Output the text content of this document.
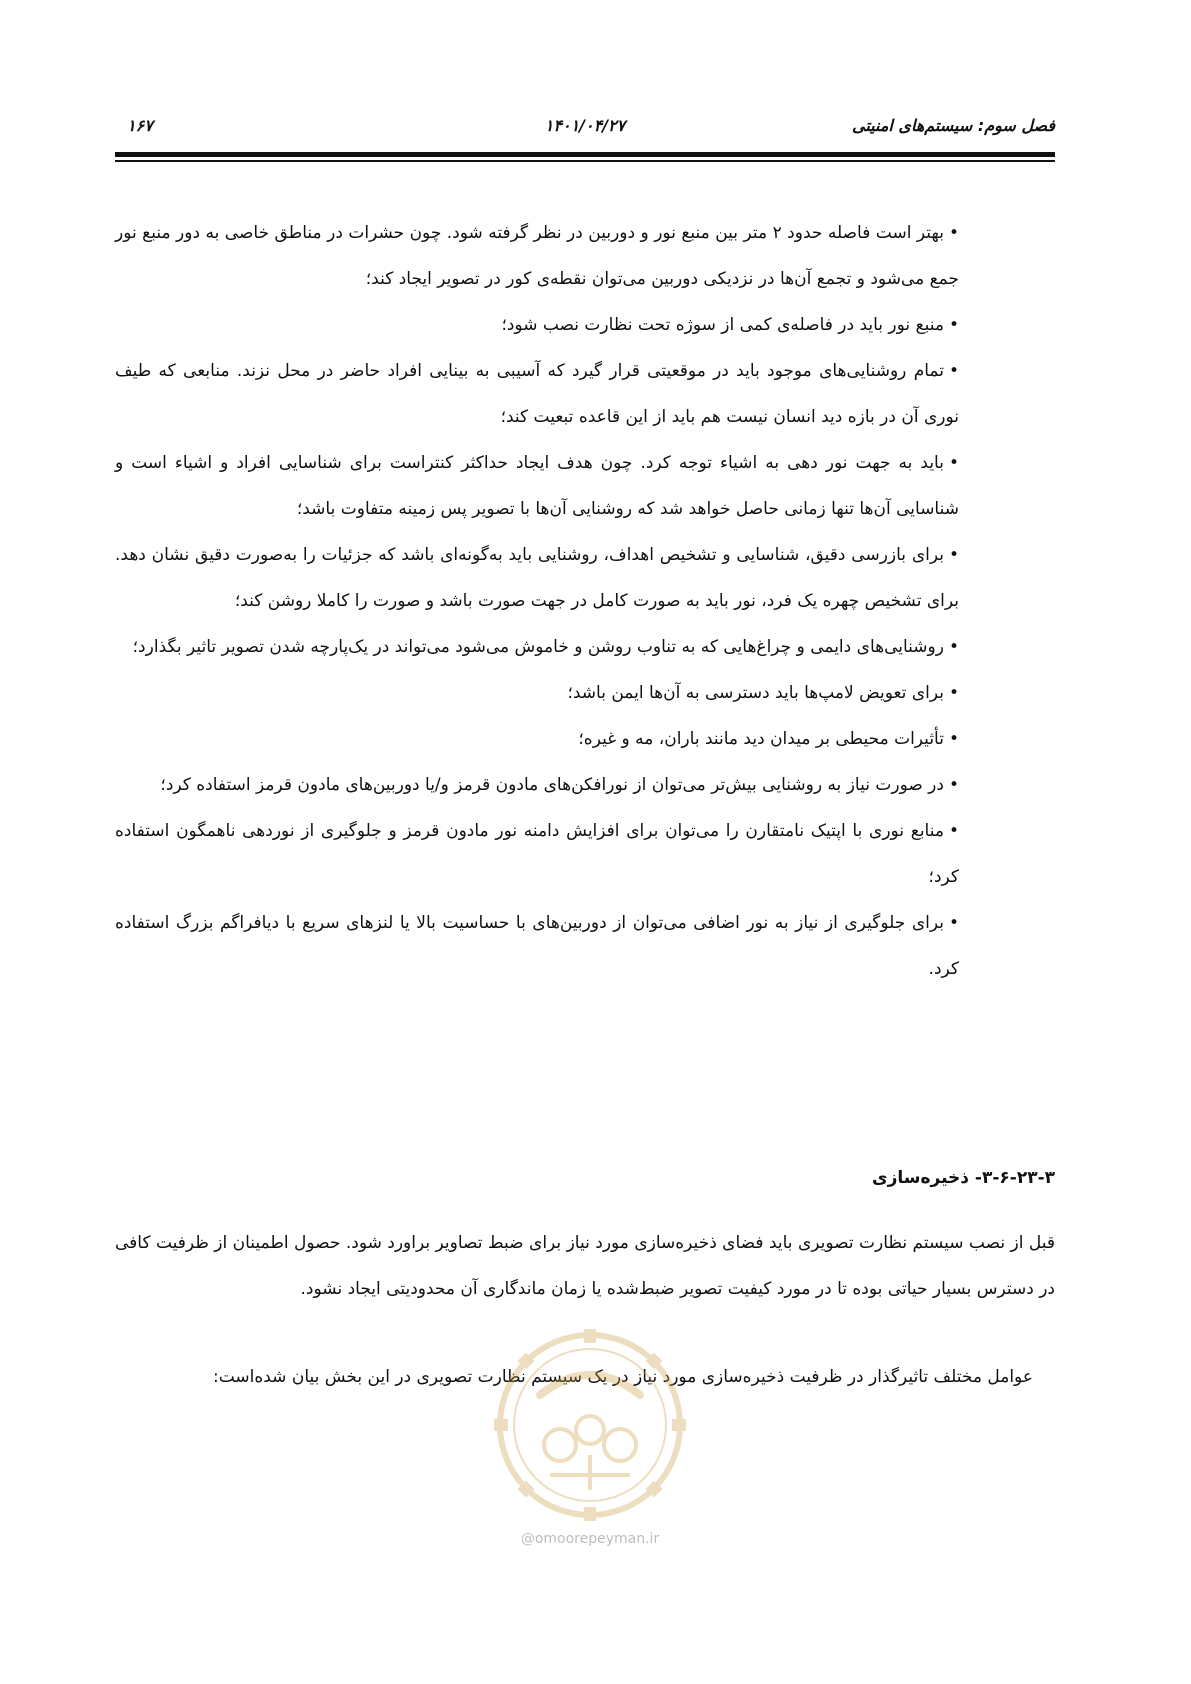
فصل سوم: سیستم‌های امنیتی
۱۴۰۱/۰۴/۲۷
۱۶۷

•بهتر است فاصله حدود ۲ متر بین منبع نور و دوربین در نظر گرفته شود. چون حشرات در مناطق خاصی به دور منبع نور جمع می‌شود و تجمع آن‌ها در نزدیکی دوربین می‌توان نقطه‌ی کور در تصویر ایجاد کند؛

•منبع نور باید در فاصله‌ی کمی از سوژه تحت نظارت نصب شود؛

•تمام روشنایی‌های موجود باید در موقعیتی قرار گیرد که آسیبی به بینایی افراد حاضر در محل نزند. منابعی که طیف نوری آن در بازه دید انسان نیست هم باید از این قاعده تبعیت کند؛

•باید به جهت نور دهی به اشیاء توجه کرد. چون هدف ایجاد حداکثر کنتراست برای شناسایی افراد و اشیاء است و شناسایی آن‌ها تنها زمانی حاصل خواهد شد که روشنایی آن‌ها با تصویر پس زمینه متفاوت باشد؛

•برای بازرسی دقیق، شناسایی و تشخیص اهداف، روشنایی باید به‌گونه‌ای باشد که جزئیات را به‌صورت دقیق نشان دهد. برای تشخیص چهره یک فرد، نور باید به صورت کامل در جهت صورت باشد و صورت را کاملا روشن کند؛

•روشنایی‌های دایمی و چراغ‌هایی که به تناوب روشن و خاموش می‌شود می‌تواند در یک‌پارچه شدن تصویر تاثیر بگذارد؛

•برای تعویض لامپ‌ها باید دسترسی به آن‌ها ایمن باشد؛

•تأثیرات محیطی بر میدان دید مانند باران، مه و غیره؛

•در صورت نیاز به روشنایی بیش‌تر می‌توان از نورافکن‌های مادون قرمز و/یا دوربین‌های مادون قرمز استفاده کرد؛

•منابع نوری با اپتیک نامتقارن را می‌توان برای افزایش دامنه نور مادون قرمز و جلوگیری از نوردهی ناهمگون استفاده کرد؛

•برای جلوگیری از نیاز به نور اضافی می‌توان از دوربین‌های با حساسیت بالا یا لنزهای سریع با دیافراگم بزرگ استفاده کرد.

۳-۶-۲۳-۳- ذخیره‌سازی

قبل از نصب سیستم نظارت تصویری باید فضای ذخیره‌سازی مورد نیاز برای ضبط تصاویر براورد شود. حصول اطمینان از ظرفیت کافی در دسترس بسیار حیاتی بوده تا در مورد کیفیت تصویر ضبط‌شده یا زمان ماندگاری آن محدودیتی ایجاد نشود.

عوامل مختلف تاثیرگذار در ظرفیت ذخیره‌سازی مورد نیاز در یک سیستم نظارت تصویری در این بخش بیان شده‌است:

@omoorepeyman.ir
